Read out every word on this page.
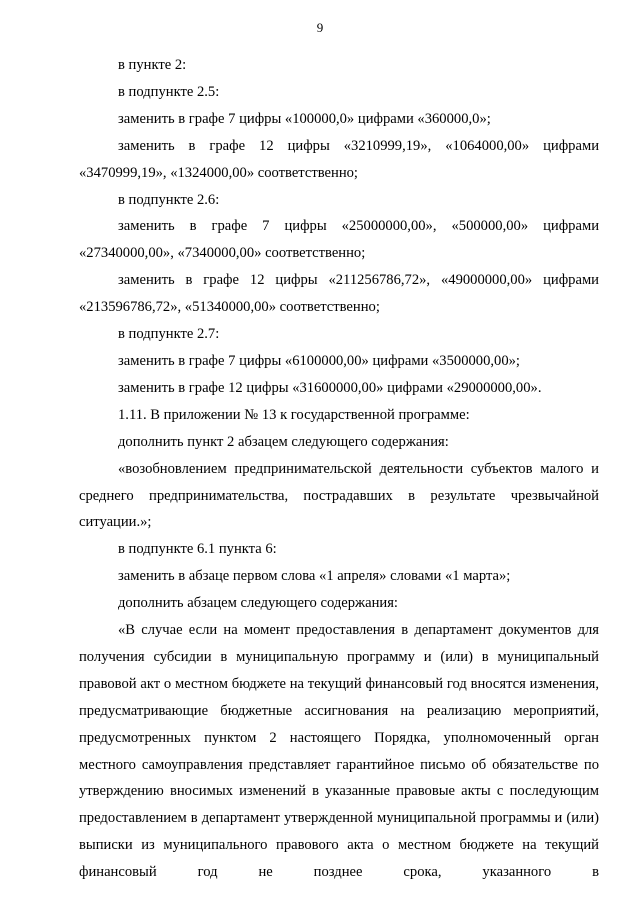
9

в пункте 2:

в подпункте 2.5:

заменить в графе 7 цифры «100000,0» цифрами «360000,0»;

заменить в графе 12 цифры «3210999,19», «1064000,00» цифрами «3470999,19», «1324000,00» соответственно;

в подпункте 2.6:

заменить в графе 7 цифры «25000000,00», «500000,00» цифрами «27340000,00», «7340000,00» соответственно;

заменить в графе 12 цифры «211256786,72», «49000000,00» цифрами «213596786,72», «51340000,00» соответственно;

в подпункте 2.7:

заменить в графе 7 цифры «6100000,00» цифрами «3500000,00»;

заменить в графе 12 цифры «31600000,00» цифрами «29000000,00».

1.11. В приложении № 13 к государственной программе:

дополнить пункт 2 абзацем следующего содержания:

«возобновлением предпринимательской деятельности субъектов малого и среднего предпринимательства, пострадавших в результате чрезвычайной ситуации.»;

в подпункте 6.1 пункта 6:

заменить в абзаце первом слова «1 апреля» словами «1 марта»;

дополнить абзацем следующего содержания:

«В случае если на момент предоставления в департамент документов для получения субсидии в муниципальную программу и (или) в муниципальный правовой акт о местном бюджете на текущий финансовый год вносятся изменения, предусматривающие бюджетные ассигнования на реализацию мероприятий, предусмотренных пунктом 2 настоящего Порядка, уполномоченный орган местного самоуправления представляет гарантийное письмо об обязательстве по утверждению вносимых изменений в указанные правовые акты с последующим предоставлением в департамент утвержденной муниципальной программы и (или) выписки из муниципального правового акта о местном бюджете на текущий финансовый год не позднее срока, указанного в
